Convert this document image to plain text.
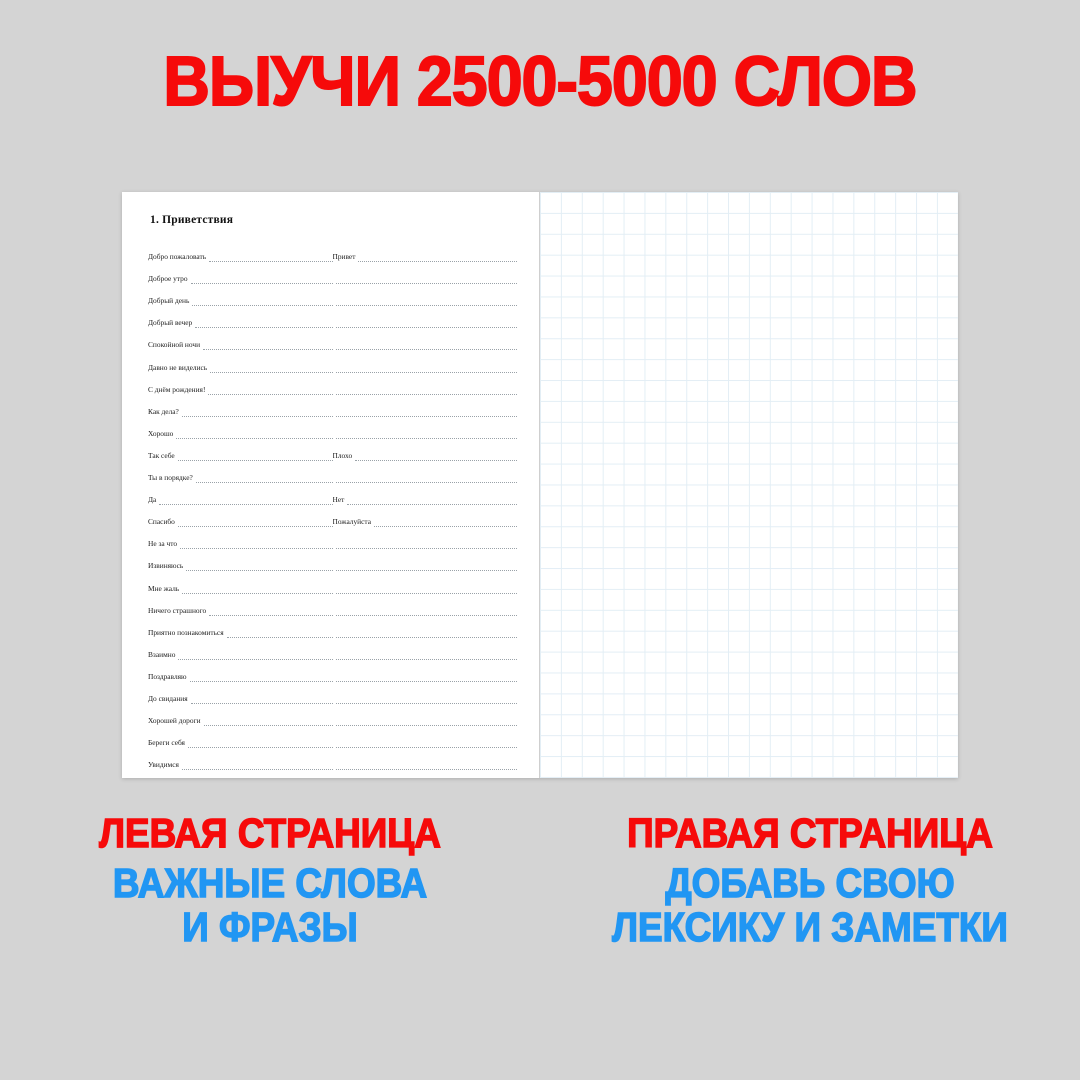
ВЫУЧИ 2500-5000 СЛОВ
1. Приветствия
Добро пожаловать	Привет
Доброе утро
Добрый день
Добрый вечер
Спокойной ночи
Давно не виделись
С днём рождения!
Как дела?
Хорошо
Так себе	Плохо
Ты в порядке?
Да	Нет
Спасибо	Пожалуйста
Не за что
Извиняюсь
Мне жаль
Ничего страшного
Приятно познакомиться
Взаимно
Поздравляю
До свидания
Хорошей дороги
Береги себя
Увидимся
ЛЕВАЯ СТРАНИЦА
ВАЖНЫЕ СЛОВА
И ФРАЗЫ
ПРАВАЯ СТРАНИЦА
ДОБАВЬ СВОЮ
ЛЕКСИКУ И ЗАМЕТКИ
